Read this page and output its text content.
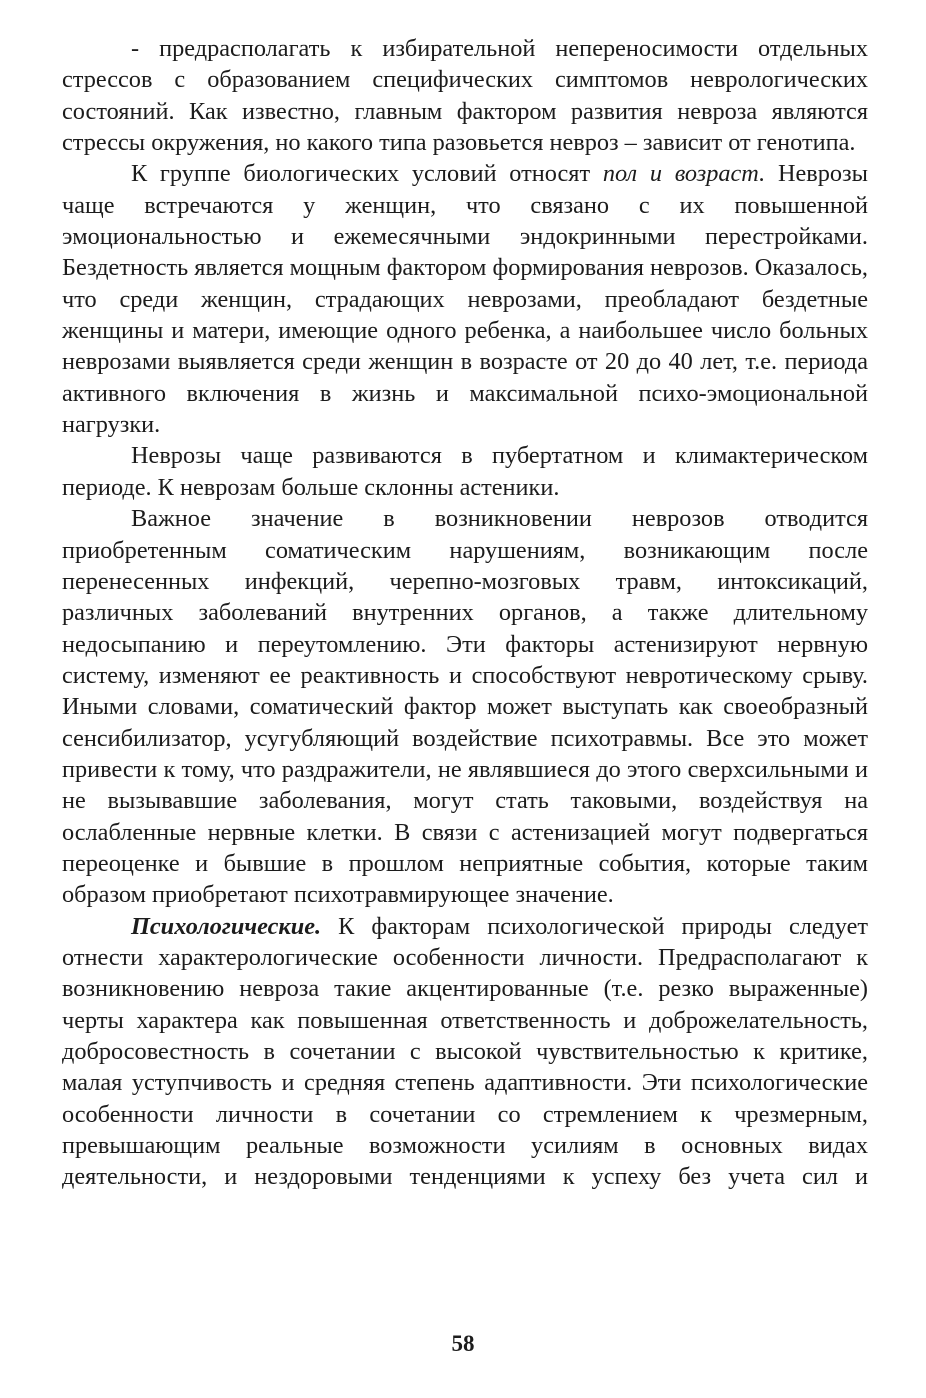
- предрасполагать к избирательной непереносимости отдельных стрессов с образованием специфических симптомов неврологических состояний. Как известно, главным фактором развития невроза являются стрессы окружения, но какого типа разовьется невроз – зависит от генотипа.

К группе биологических условий относят пол и возраст. Неврозы чаще встречаются у женщин, что связано с их повышенной эмоциональностью и ежемесячными эндокринными перестройками. Бездетность является мощным фактором формирования неврозов. Оказалось, что среди женщин, страдающих неврозами, преобладают бездетные женщины и матери, имеющие одного ребенка, а наибольшее число больных неврозами выявляется среди женщин в возрасте от 20 до 40 лет, т.е. периода активного включения в жизнь и максимальной психо-эмоциональной нагрузки.

Неврозы чаще развиваются в пубертатном и климактерическом периоде. К неврозам больше склонны астеники.

Важное значение в возникновении неврозов отводится приобретенным соматическим нарушениям, возникающим после перенесенных инфекций, черепно-мозговых травм, интоксикаций, различных заболеваний внутренних органов, а также длительному недосыпанию и переутомлению. Эти факторы астенизируют нервную систему, изменяют ее реактивность и способствуют невротическому срыву. Иными словами, соматический фактор может выступать как своеобразный сенсибилизатор, усугубляющий воздействие психотравмы. Все это может привести к тому, что раздражители, не являвшиеся до этого сверхсильными и не вызывавшие заболевания, могут стать таковыми, воздействуя на ослабленные нервные клетки. В связи с астенизацией могут подвергаться переоценке и бывшие в прошлом неприятные события, которые таким образом приобретают психотравмирующее значение.

Психологические. К факторам психологической природы следует отнести характерологические особенности личности. Предрасполагают к возникновению невроза такие акцентированные (т.е. резко выраженные) черты характера как повышенная ответственность и доброжелательность, добросовестность в сочетании с высокой чувствительностью к критике, малая уступчивость и средняя степень адаптивности. Эти психологические особенности личности в сочетании со стремлением к чрезмерным, превышающим реальные возможности усилиям в основных видах деятельности, и нездоровыми тенденциями к успеху без учета сил и

58
